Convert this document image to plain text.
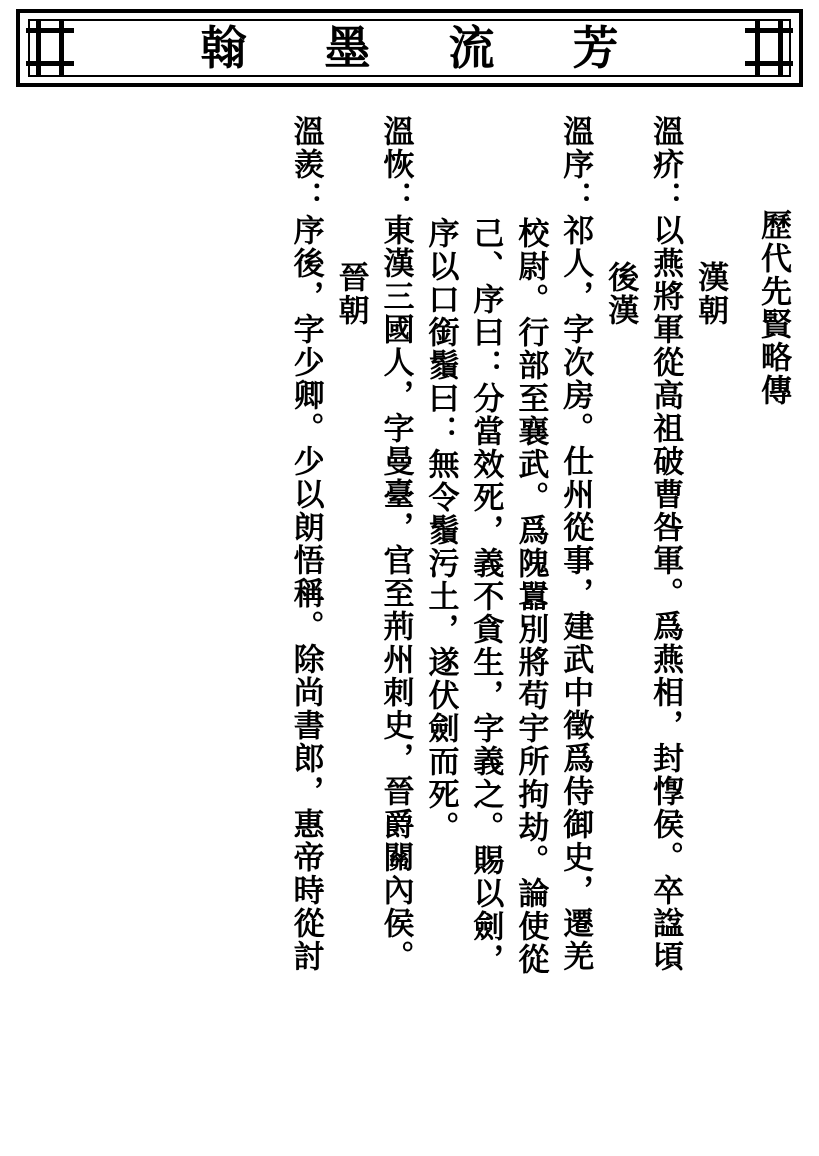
翰墨流芳
歷代先賢略傳
漢朝
溫疥：以燕將軍從高祖破曹咎軍。爲燕相，封惸侯。卒諡頃
後漢
溫序：祁人，字次房。仕州從事，建武中徵爲侍御史，遷羌
校尉。行部至襄武。爲隗囂別將苟宇所拘劫。論使從
己、序曰：分當效死，義不貪生，字義之。賜以劍，
序以口銜鬚曰：無令鬚污土，遂伏劍而死。
溫恢：東漢三國人，字曼臺，官至荊州刺史，晉爵關內侯。
晉朝
溫羨：序後，字少卿。少以朗悟稱。除尚書郎，惠帝時從討
